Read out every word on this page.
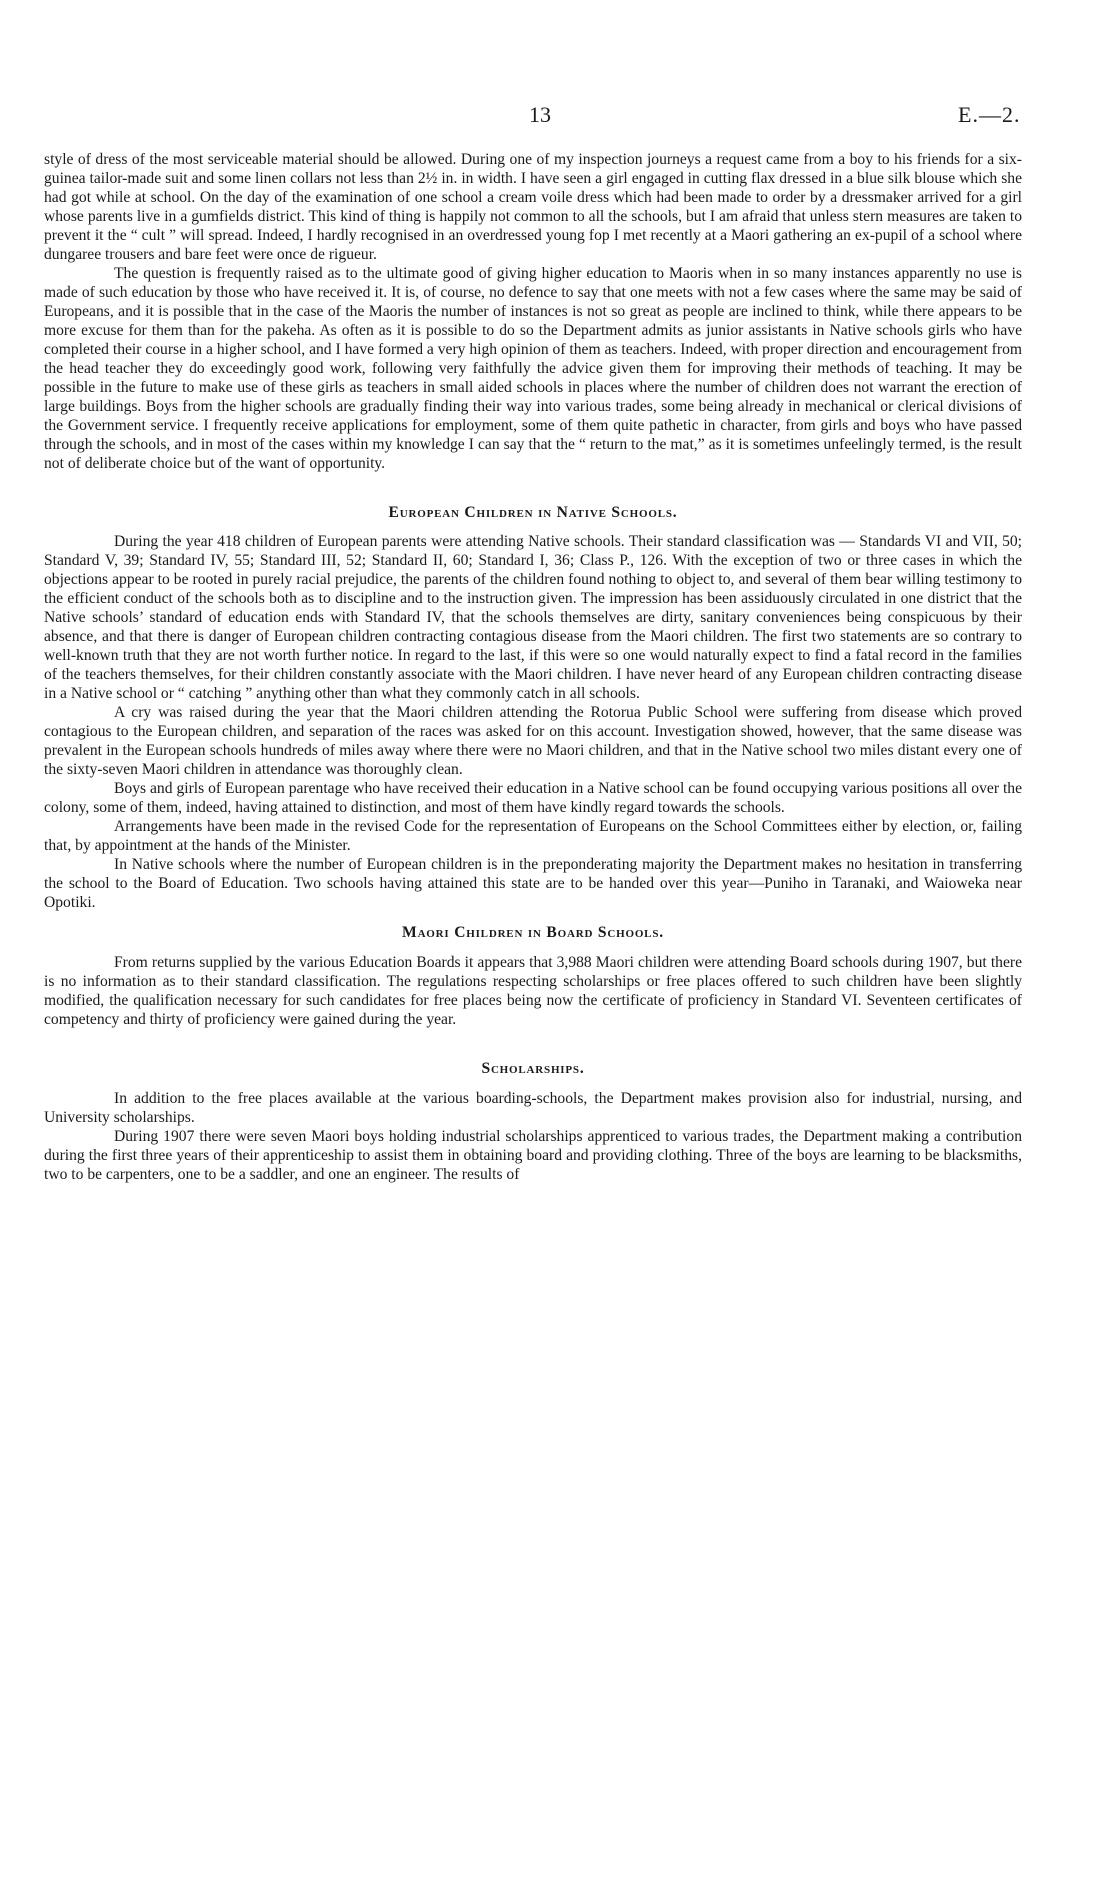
13	E.—2.

style of dress of the most serviceable material should be allowed. During one of my inspection journeys a request came from a boy to his friends for a six-guinea tailor-made suit and some linen collars not less than 2½ in. in width. I have seen a girl engaged in cutting flax dressed in a blue silk blouse which she had got while at school. On the day of the examination of one school a cream voile dress which had been made to order by a dressmaker arrived for a girl whose parents live in a gumfields district. This kind of thing is happily not common to all the schools, but I am afraid that unless stern measures are taken to prevent it the “ cult ” will spread. Indeed, I hardly recognised in an overdressed young fop I met recently at a Maori gathering an ex-pupil of a school where dungaree trousers and bare feet were once de rigueur.

The question is frequently raised as to the ultimate good of giving higher education to Maoris when in so many instances apparently no use is made of such education by those who have received it. It is, of course, no defence to say that one meets with not a few cases where the same may be said of Europeans, and it is possible that in the case of the Maoris the number of instances is not so great as people are inclined to think, while there appears to be more excuse for them than for the pakeha. As often as it is possible to do so the Department admits as junior assistants in Native schools girls who have completed their course in a higher school, and I have formed a very high opinion of them as teachers. Indeed, with proper direction and encouragement from the head teacher they do exceedingly good work, following very faithfully the advice given them for improving their methods of teaching. It may be possible in the future to make use of these girls as teachers in small aided schools in places where the number of children does not warrant the erection of large buildings. Boys from the higher schools are gradually finding their way into various trades, some being already in mechanical or clerical divisions of the Government service. I frequently receive applications for employment, some of them quite pathetic in character, from girls and boys who have passed through the schools, and in most of the cases within my knowledge I can say that the “ return to the mat,” as it is sometimes unfeelingly termed, is the result not of deliberate choice but of the want of opportunity.

European Children in Native Schools.

During the year 418 children of European parents were attending Native schools. Their standard classification was — Standards VI and VII, 50; Standard V, 39; Standard IV, 55; Standard III, 52; Standard II, 60; Standard I, 36; Class P., 126. With the exception of two or three cases in which the objections appear to be rooted in purely racial prejudice, the parents of the children found nothing to object to, and several of them bear willing testimony to the efficient conduct of the schools both as to discipline and to the instruction given. The impression has been assiduously circulated in one district that the Native schools’ standard of education ends with Standard IV, that the schools themselves are dirty, sanitary conveniences being conspicuous by their absence, and that there is danger of European children contracting contagious disease from the Maori children. The first two statements are so contrary to well-known truth that they are not worth further notice. In regard to the last, if this were so one would naturally expect to find a fatal record in the families of the teachers themselves, for their children constantly associate with the Maori children. I have never heard of any European children contracting disease in a Native school or “ catching ” anything other than what they commonly catch in all schools.

A cry was raised during the year that the Maori children attending the Rotorua Public School were suffering from disease which proved contagious to the European children, and separation of the races was asked for on this account. Investigation showed, however, that the same disease was prevalent in the European schools hundreds of miles away where there were no Maori children, and that in the Native school two miles distant every one of the sixty-seven Maori children in attendance was thoroughly clean.

Boys and girls of European parentage who have received their education in a Native school can be found occupying various positions all over the colony, some of them, indeed, having attained to distinction, and most of them have kindly regard towards the schools.

Arrangements have been made in the revised Code for the representation of Europeans on the School Committees either by election, or, failing that, by appointment at the hands of the Minister.

In Native schools where the number of European children is in the preponderating majority the Department makes no hesitation in transferring the school to the Board of Education. Two schools having attained this state are to be handed over this year—Puniho in Taranaki, and Waioweka near Opotiki.

Maori Children in Board Schools.

From returns supplied by the various Education Boards it appears that 3,988 Maori children were attending Board schools during 1907, but there is no information as to their standard classification. The regulations respecting scholarships or free places offered to such children have been slightly modified, the qualification necessary for such candidates for free places being now the certificate of proficiency in Standard VI. Seventeen certificates of competency and thirty of proficiency were gained during the year.

Scholarships.

In addition to the free places available at the various boarding-schools, the Department makes provision also for industrial, nursing, and University scholarships.

During 1907 there were seven Maori boys holding industrial scholarships apprenticed to various trades, the Department making a contribution during the first three years of their apprenticeship to assist them in obtaining board and providing clothing. Three of the boys are learning to be blacksmiths, two to be carpenters, one to be a saddler, and one an engineer. The results of
